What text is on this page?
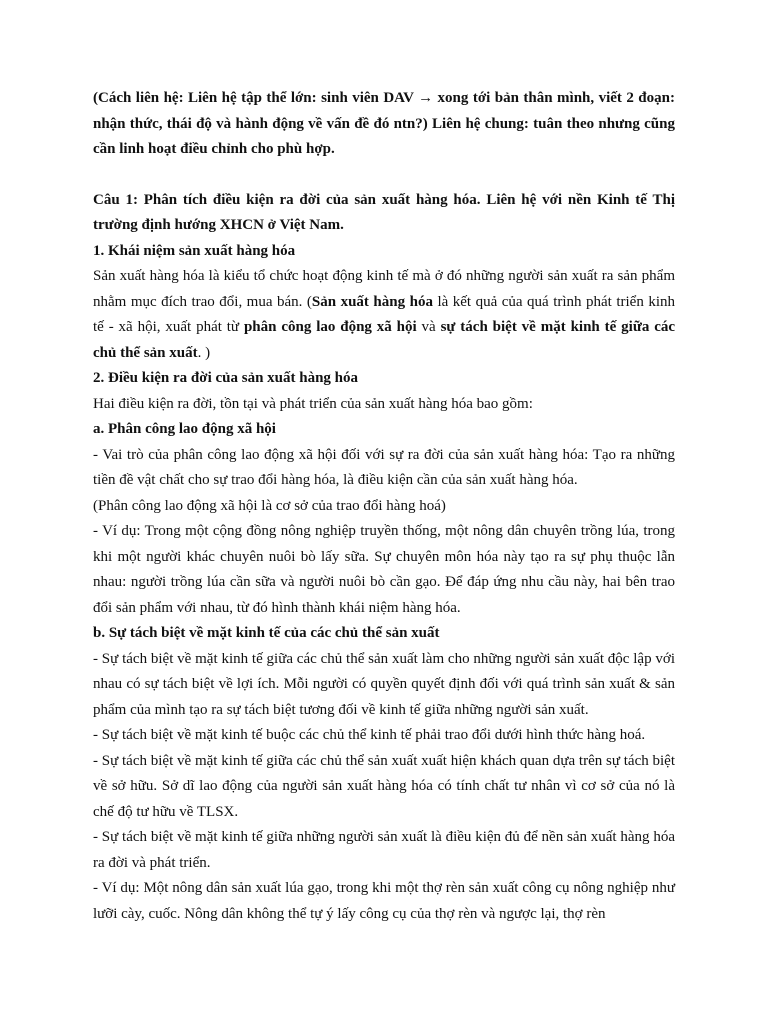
(Cách liên hệ: Liên hệ tập thể lớn: sinh viên DAV → xong tới bản thân mình, viết 2 đoạn: nhận thức, thái độ và hành động về vấn đề đó ntn?) Liên hệ chung: tuân theo nhưng cũng cần linh hoạt điều chỉnh cho phù hợp.

Câu 1: Phân tích điều kiện ra đời của sản xuất hàng hóa. Liên hệ với nền Kinh tế Thị trường định hướng XHCN ở Việt Nam.

1. Khái niệm sản xuất hàng hóa

Sản xuất hàng hóa là kiểu tổ chức hoạt động kinh tế mà ở đó những người sản xuất ra sản phẩm nhằm mục đích trao đổi, mua bán. (Sản xuất hàng hóa là kết quả của quá trình phát triển kinh tế - xã hội, xuất phát từ phân công lao động xã hội và sự tách biệt về mặt kinh tế giữa các chủ thể sản xuất. )

2. Điều kiện ra đời của sản xuất hàng hóa

Hai điều kiện ra đời, tồn tại và phát triển của sản xuất hàng hóa bao gồm:

a. Phân công lao động xã hội

- Vai trò của phân công lao động xã hội đối với sự ra đời của sản xuất hàng hóa: Tạo ra những tiền đề vật chất cho sự trao đổi hàng hóa, là điều kiện cần của sản xuất hàng hóa.

(Phân công lao động xã hội là cơ sở của trao đổi hàng hoá)

- Ví dụ: Trong một cộng đồng nông nghiệp truyền thống, một nông dân chuyên trồng lúa, trong khi một người khác chuyên nuôi bò lấy sữa. Sự chuyên môn hóa này tạo ra sự phụ thuộc lẫn nhau: người trồng lúa cần sữa và người nuôi bò cần gạo. Để đáp ứng nhu cầu này, hai bên trao đổi sản phẩm với nhau, từ đó hình thành khái niệm hàng hóa.

b. Sự tách biệt về mặt kinh tế của các chủ thể sản xuất

- Sự tách biệt về mặt kinh tế giữa các chủ thể sản xuất làm cho những người sản xuất độc lập với nhau có sự tách biệt về lợi ích. Mỗi người có quyền quyết định đối với quá trình sản xuất & sản phẩm của mình tạo ra sự tách biệt tương đối về kinh tế giữa những người sản xuất.

- Sự tách biệt về mặt kinh tế buộc các chủ thể kinh tế phải trao đổi dưới hình thức hàng hoá.

- Sự tách biệt về mặt kinh tế giữa các chủ thể sản xuất xuất hiện khách quan dựa trên sự tách biệt về sở hữu. Sở dĩ lao động của người sản xuất hàng hóa có tính chất tư nhân vì cơ sở của nó là chế độ tư hữu về TLSX.

- Sự tách biệt về mặt kinh tế giữa những người sản xuất là điều kiện đủ để nền sản xuất hàng hóa ra đời và phát triển.

- Ví dụ: Một nông dân sản xuất lúa gạo, trong khi một thợ rèn sản xuất công cụ nông nghiệp như lưỡi cày, cuốc. Nông dân không thể tự ý lấy công cụ của thợ rèn và ngược lại, thợ rèn
